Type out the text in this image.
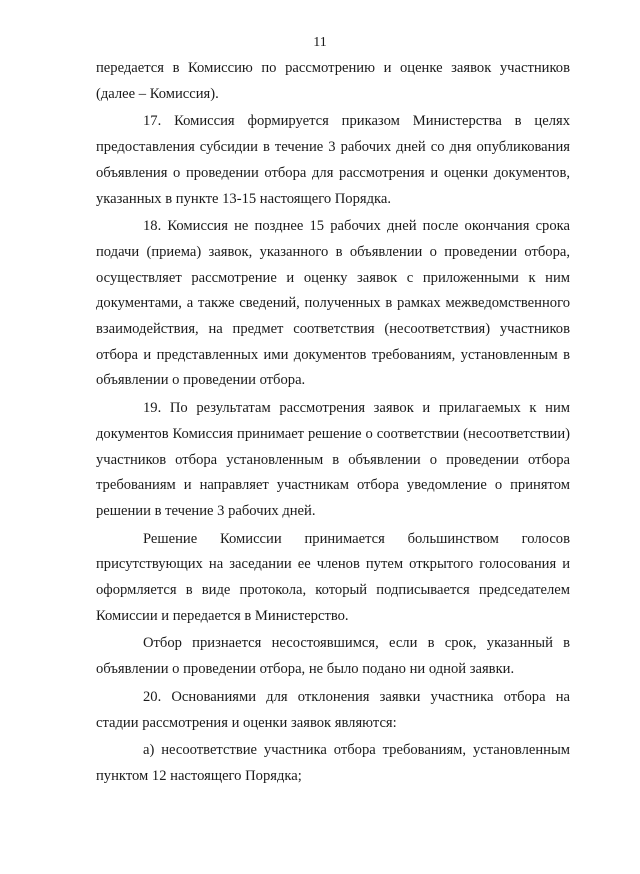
11

передается в Комиссию по рассмотрению и оценке заявок участников (далее – Комиссия).

17. Комиссия формируется приказом Министерства в целях предоставления субсидии в течение 3 рабочих дней со дня опубликования объявления о проведении отбора для рассмотрения и оценки документов, указанных в пункте 13-15 настоящего Порядка.

18. Комиссия не позднее 15 рабочих дней после окончания срока подачи (приема) заявок, указанного в объявлении о проведении отбора, осуществляет рассмотрение и оценку заявок с приложенными к ним документами, а также сведений, полученных в рамках межведомственного взаимодействия, на предмет соответствия (несоответствия) участников отбора и представленных ими документов требованиям, установленным в объявлении о проведении отбора.

19. По результатам рассмотрения заявок и прилагаемых к ним документов Комиссия принимает решение о соответствии (несоответствии) участников отбора установленным в объявлении о проведении отбора требованиям и направляет участникам отбора уведомление о принятом решении в течение 3 рабочих дней.

Решение Комиссии принимается большинством голосов присутствующих на заседании ее членов путем открытого голосования и оформляется в виде протокола, который подписывается председателем Комиссии и передается в Министерство.

Отбор признается несостоявшимся, если в срок, указанный в объявлении о проведении отбора, не было подано ни одной заявки.

20. Основаниями для отклонения заявки участника отбора на стадии рассмотрения и оценки заявок являются:

а) несоответствие участника отбора требованиям, установленным пунктом 12 настоящего Порядка;
